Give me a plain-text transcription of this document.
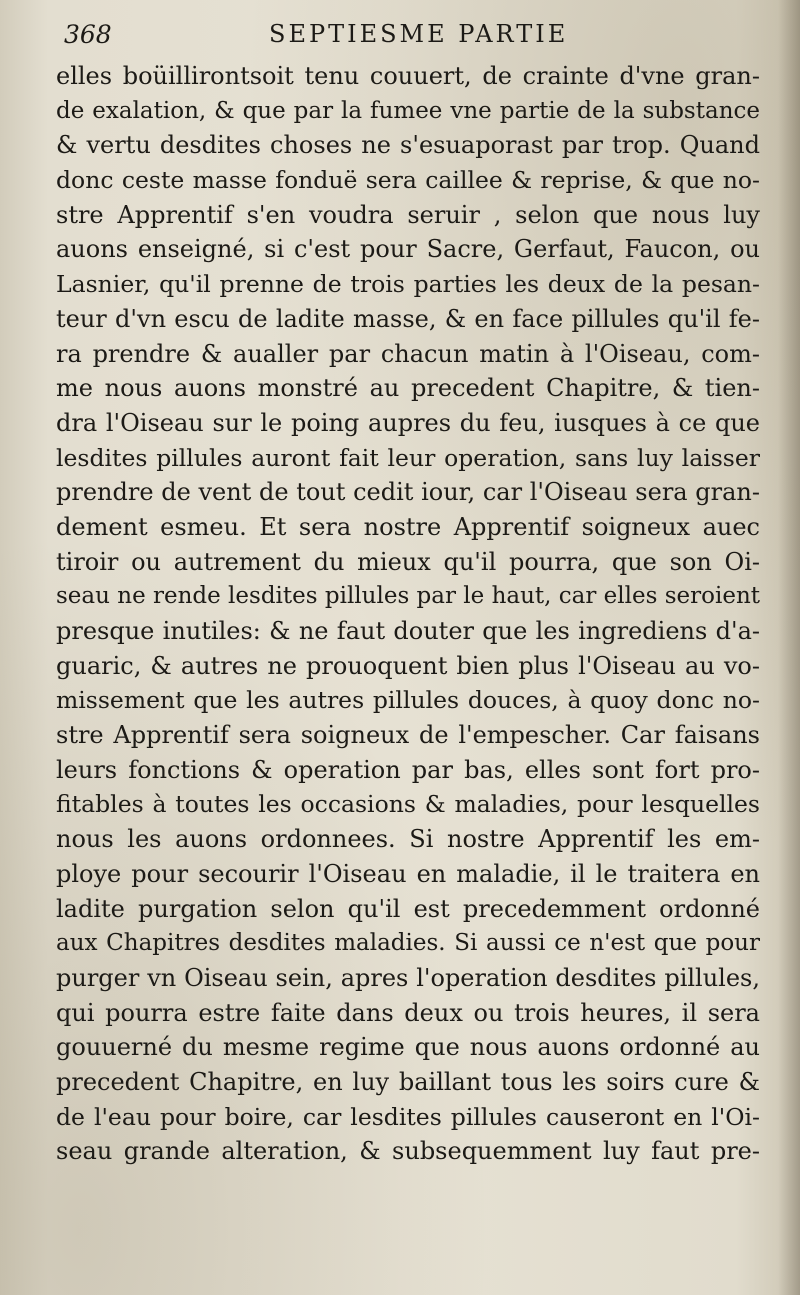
368	SEPTIESME PARTIE
elles boüillirontsoit tenu couuert, de crainte d'vne gran-
de exalation, & que par la fumee vne partie de la substance
& vertu desdites choses ne s'esuaporast par trop. Quand
donc ceste masse fonduë sera caillee & reprise, & que no-
stre Apprentif s'en voudra seruir , selon que nous luy
auons enseigné, si c'est pour Sacre, Gerfaut, Faucon, ou
Lasnier, qu'il prenne de trois parties les deux de la pesan-
teur d'vn escu de ladite masse, & en face pillules qu'il fe-
ra prendre & aualler par chacun matin à l'Oiseau, com-
me nous auons monstré au precedent Chapitre, & tien-
dra l'Oiseau sur le poing aupres du feu, iusques à ce que
lesdites pillules auront fait leur operation, sans luy laisser
prendre de vent de tout cedit iour, car l'Oiseau sera gran-
dement esmeu. Et sera nostre Apprentif soigneux auec
tiroir ou autrement du mieux qu'il pourra, que son Oi-
seau ne rende lesdites pillules par le haut, car elles seroient
presque inutiles: & ne faut douter que les ingrediens d'a-
guaric, & autres ne prouoquent bien plus l'Oiseau au vo-
missement que les autres pillules douces, à quoy donc no-
stre Apprentif sera soigneux de l'empescher. Car faisans
leurs fonctions & operation par bas, elles sont fort pro-
fitables à toutes les occasions & maladies, pour lesquelles
nous les auons ordonnees. Si nostre Apprentif les em-
ploye pour secourir l'Oiseau en maladie, il le traitera en
ladite purgation selon qu'il est precedemment ordonné
aux Chapitres desdites maladies. Si aussi ce n'est que pour
purger vn Oiseau sein, apres l'operation desdites pillules,
qui pourra estre faite dans deux ou trois heures, il sera
gouuerné du mesme regime que nous auons ordonné au
precedent Chapitre, en luy baillant tous les soirs cure &
de l'eau pour boire, car lesdites pillules causeront en l'Oi-
seau grande alteration, & subsequemment luy faut pre-
